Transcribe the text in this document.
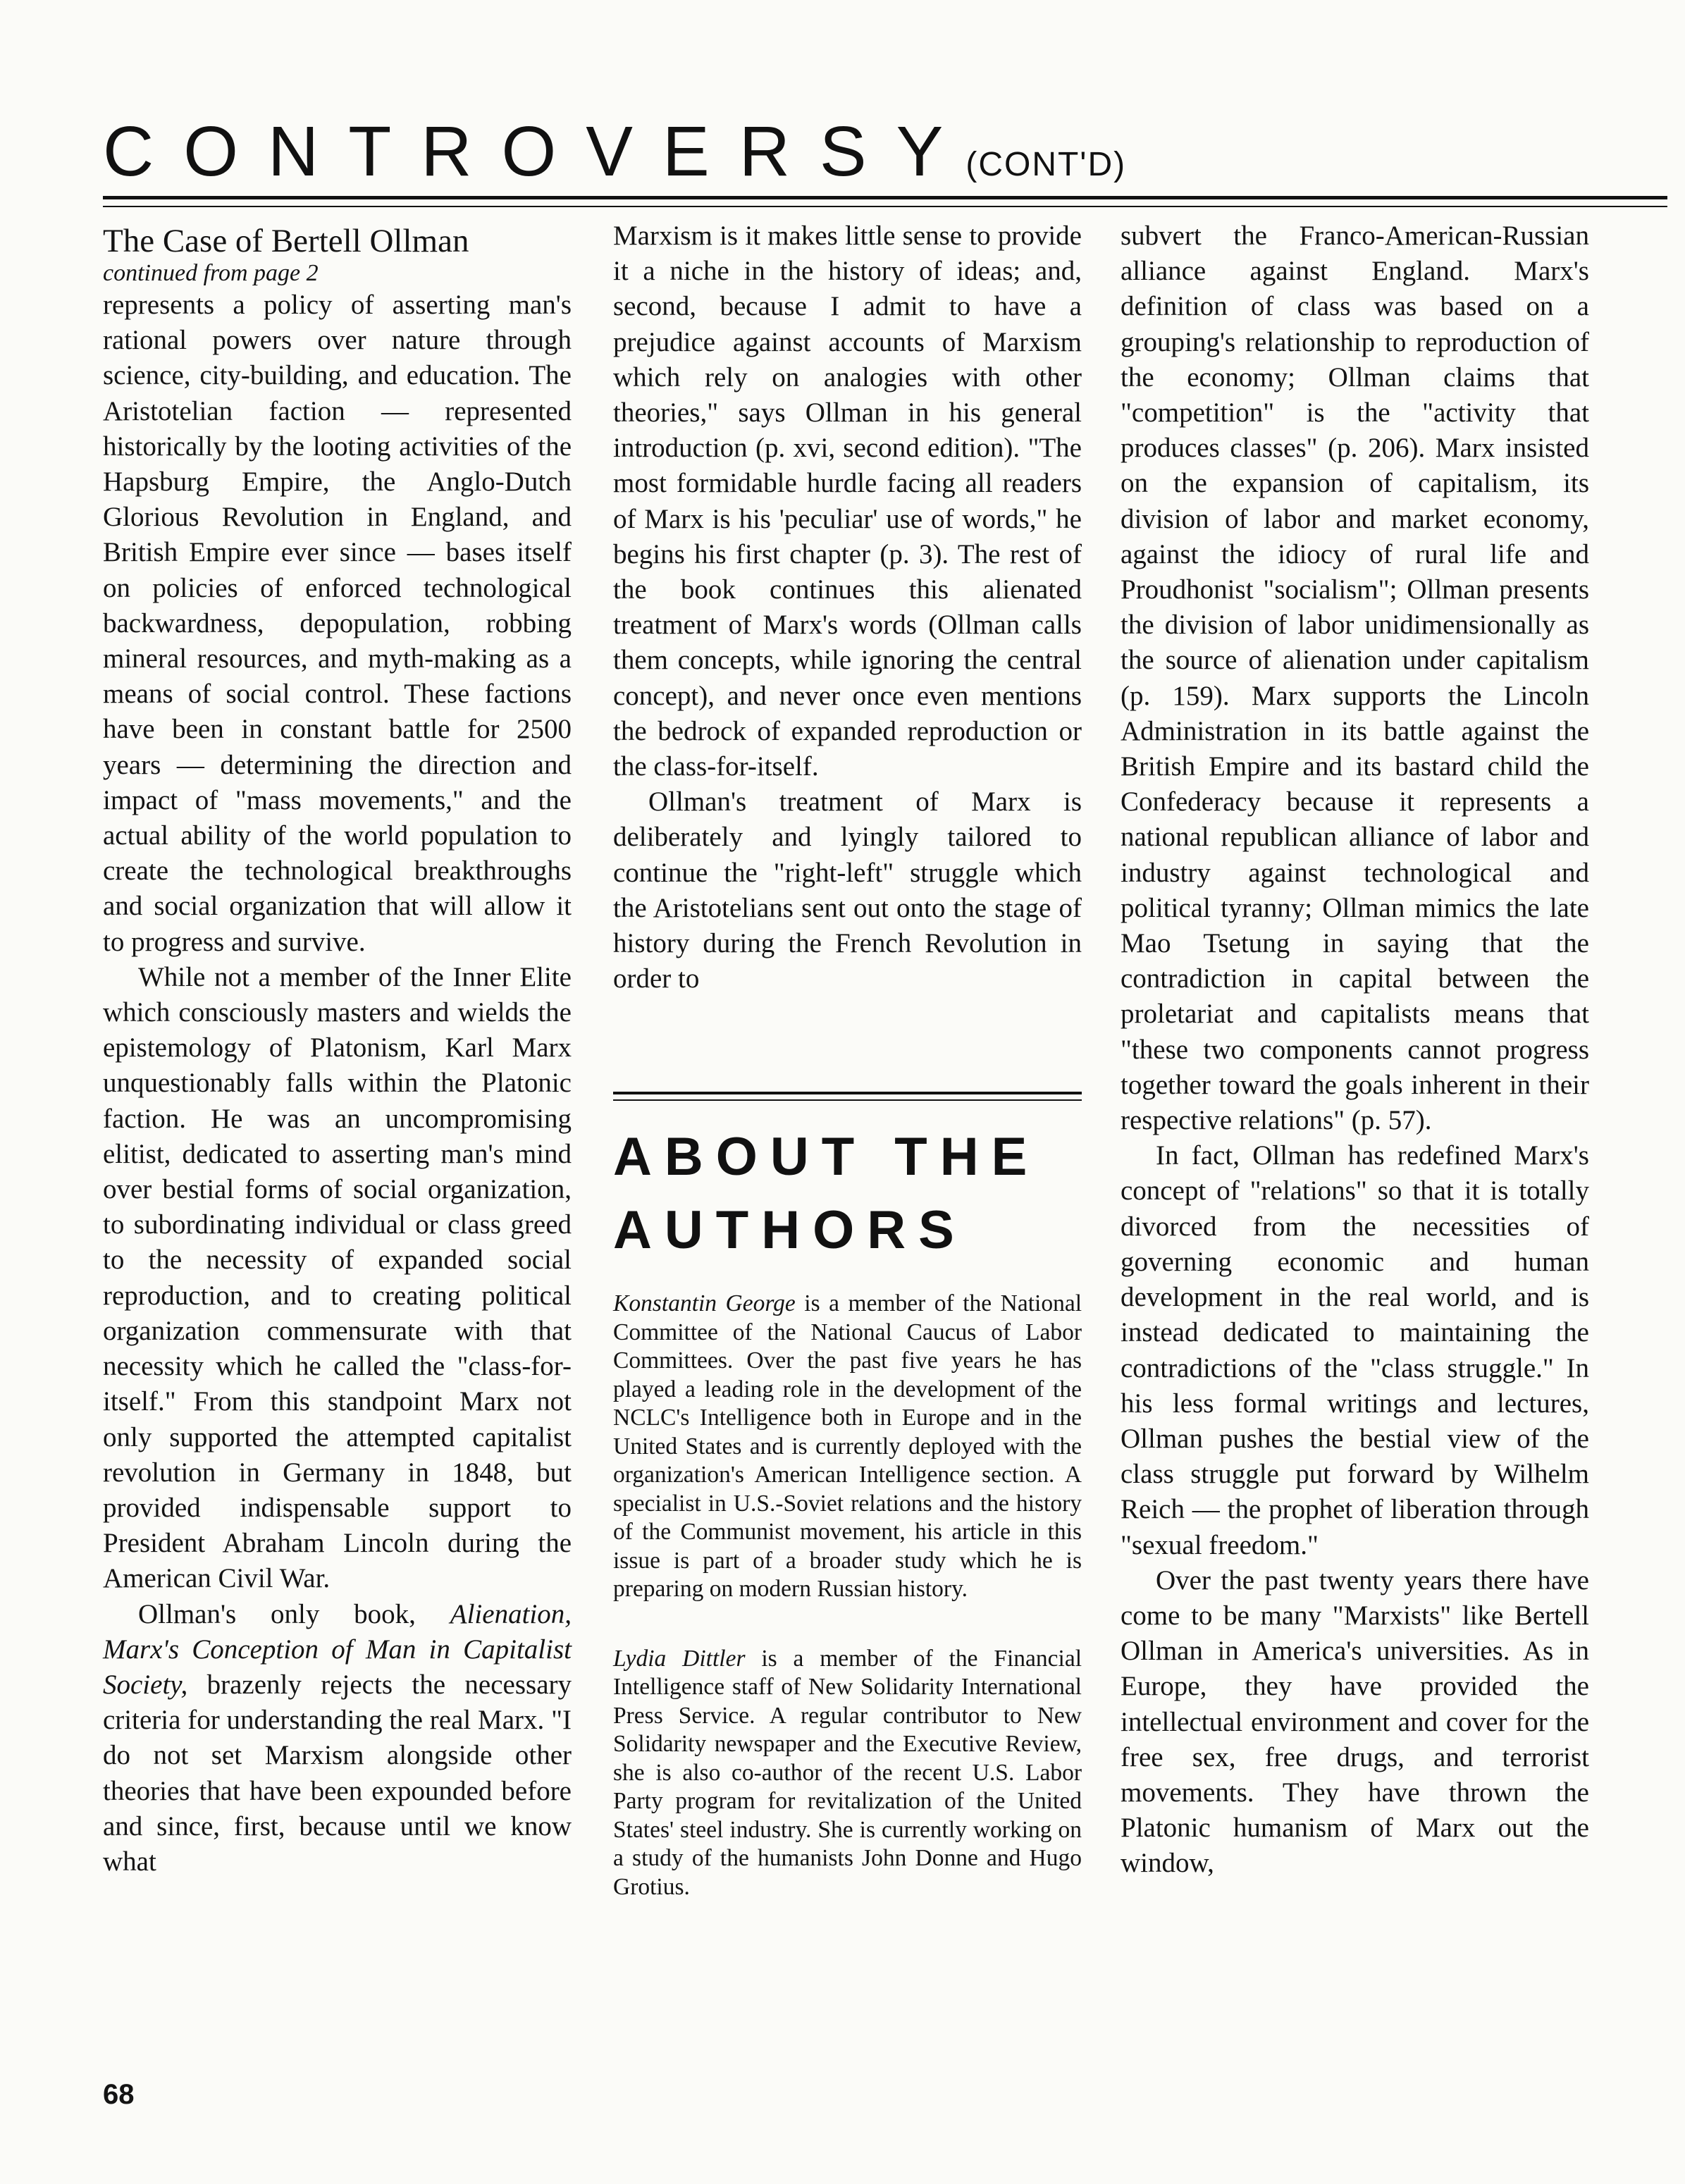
CONTROVERSY(CONT'D)
The Case of Bertell Ollman
continued from page 2

represents a policy of asserting man's rational powers over nature through science, city-building, and education. The Aristotelian faction — represented historically by the looting activities of the Hapsburg Empire, the Anglo-Dutch Glorious Revolution in England, and British Empire ever since — bases itself on policies of enforced technological backwardness, depopulation, robbing mineral resources, and myth-making as a means of social control. These factions have been in constant battle for 2500 years — determining the direction and impact of "mass movements," and the actual ability of the world population to create the technological breakthroughs and social organization that will allow it to progress and survive.

While not a member of the Inner Elite which consciously masters and wields the epistemology of Platonism, Karl Marx unquestionably falls within the Platonic faction. He was an uncompromising elitist, dedicated to asserting man's mind over bestial forms of social organization, to subordinating individual or class greed to the necessity of expanded social reproduction, and to creating political organization commensurate with that necessity which he called the "class-for-itself." From this standpoint Marx not only supported the attempted capitalist revolution in Germany in 1848, but provided indispensable support to President Abraham Lincoln during the American Civil War.

Ollman's only book, Alienation, Marx's Conception of Man in Capitalist Society, brazenly rejects the necessary criteria for understanding the real Marx. "I do not set Marxism alongside other theories that have been expounded before and since, first, because until we know what

Marxism is it makes little sense to provide it a niche in the history of ideas; and, second, because I admit to have a prejudice against accounts of Marxism which rely on analogies with other theories," says Ollman in his general introduction (p. xvi, second edition). "The most formidable hurdle facing all readers of Marx is his 'peculiar' use of words," he begins his first chapter (p. 3). The rest of the book continues this alienated treatment of Marx's words (Ollman calls them concepts, while ignoring the central concept), and never once even mentions the bedrock of expanded reproduction or the class-for-itself.

Ollman's treatment of Marx is deliberately and lyingly tailored to continue the "right-left" struggle which the Aristotelians sent out onto the stage of history during the French Revolution in order to

ABOUT THE AUTHORS

Konstantin George is a member of the National Committee of the National Caucus of Labor Committees. Over the past five years he has played a leading role in the development of the NCLC's Intelligence both in Europe and in the United States and is currently deployed with the organization's American Intelligence section. A specialist in U.S.-Soviet relations and the history of the Communist movement, his article in this issue is part of a broader study which he is preparing on modern Russian history.

Lydia Dittler is a member of the Financial Intelligence staff of New Solidarity International Press Service. A regular contributor to New Solidarity newspaper and the Executive Review, she is also co-author of the recent U.S. Labor Party program for revitalization of the United States' steel industry. She is currently working on a study of the humanists John Donne and Hugo Grotius.

subvert the Franco-American-Russian alliance against England. Marx's definition of class was based on a grouping's relationship to reproduction of the economy; Ollman claims that "competition" is the "activity that produces classes" (p. 206). Marx insisted on the expansion of capitalism, its division of labor and market economy, against the idiocy of rural life and Proudhonist "socialism"; Ollman presents the division of labor unidimensionally as the source of alienation under capitalism (p. 159). Marx supports the Lincoln Administration in its battle against the British Empire and its bastard child the Confederacy because it represents a national republican alliance of labor and industry against technological and political tyranny; Ollman mimics the late Mao Tsetung in saying that the contradiction in capital between the proletariat and capitalists means that "these two components cannot progress together toward the goals inherent in their respective relations" (p. 57).

In fact, Ollman has redefined Marx's concept of "relations" so that it is totally divorced from the necessities of governing economic and human development in the real world, and is instead dedicated to maintaining the contradictions of the "class struggle." In his less formal writings and lectures, Ollman pushes the bestial view of the class struggle put forward by Wilhelm Reich — the prophet of liberation through "sexual freedom."

Over the past twenty years there have come to be many "Marxists" like Bertell Ollman in America's universities. As in Europe, they have provided the intellectual environment and cover for the free sex, free drugs, and terrorist movements. They have thrown the Platonic humanism of Marx out the window,

68
